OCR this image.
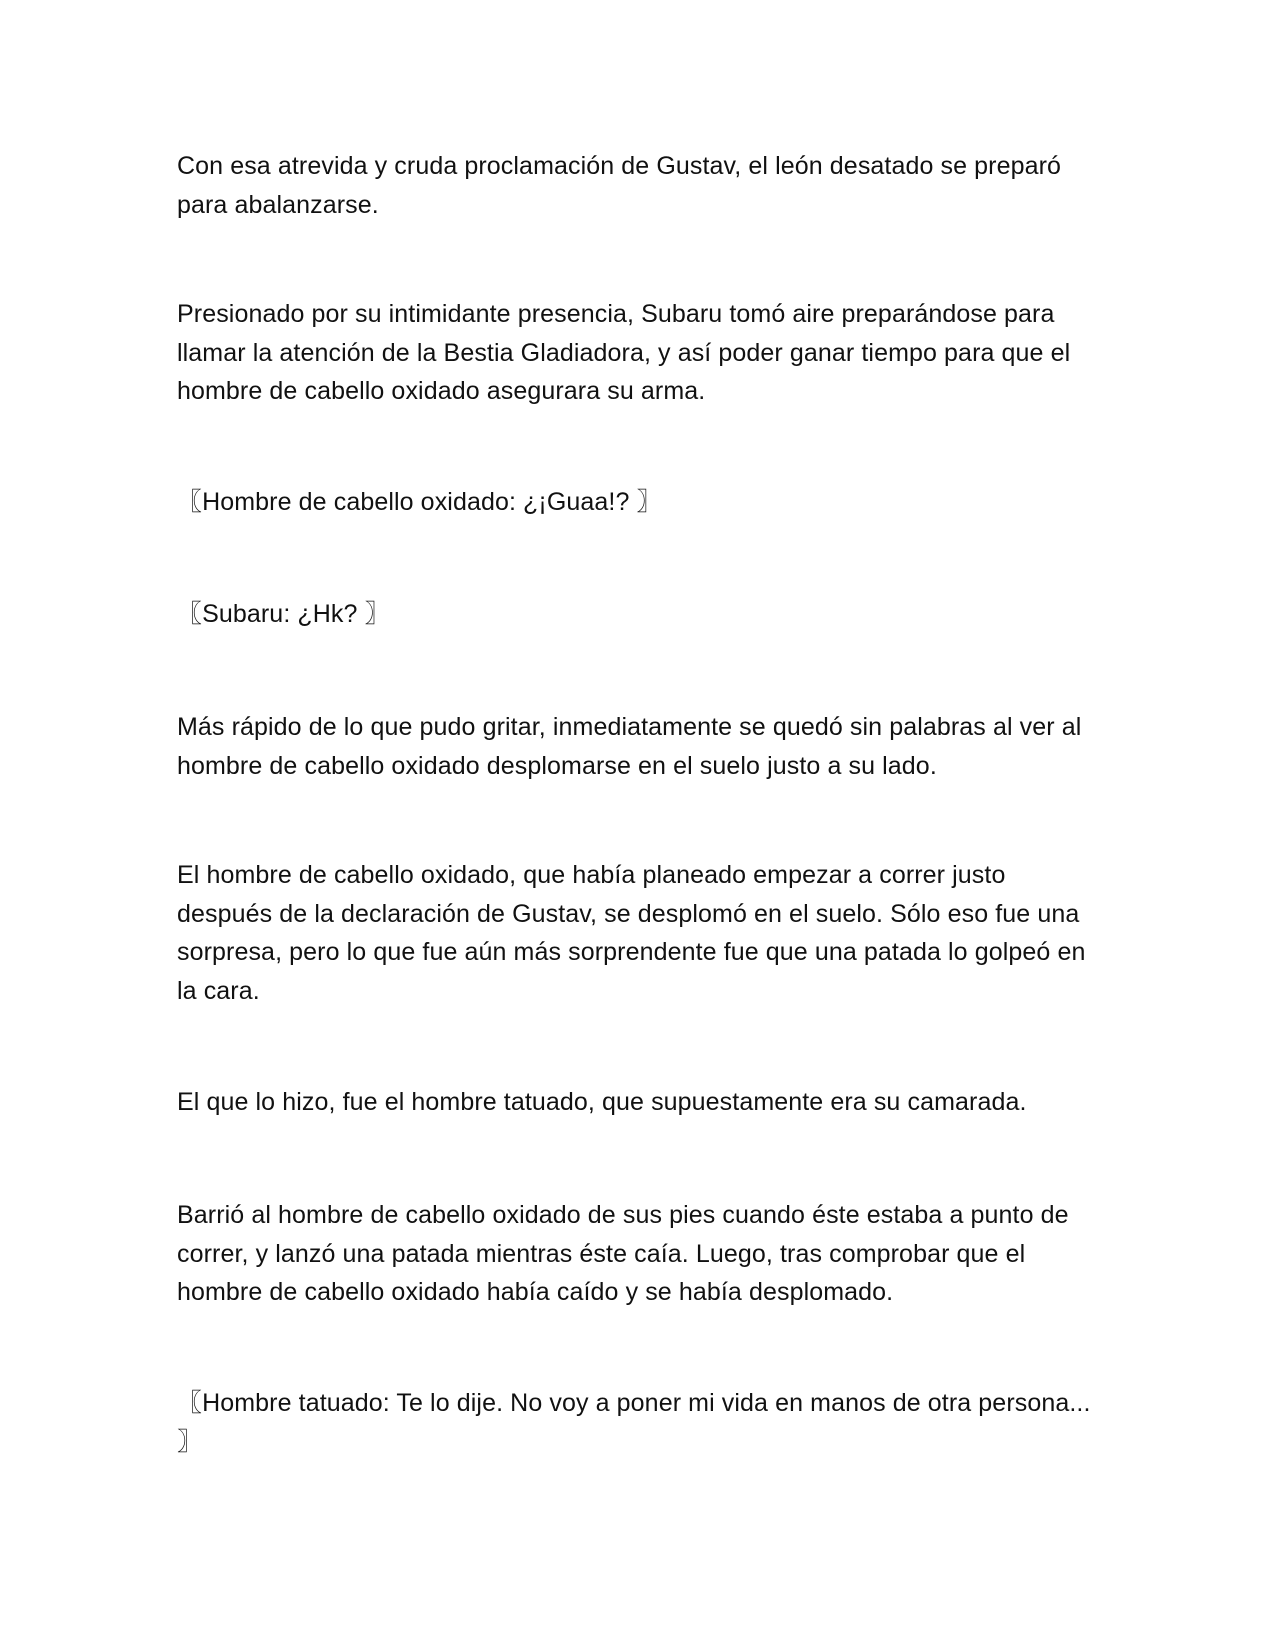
Con esa atrevida y cruda proclamación de Gustav, el león desatado se preparó para abalanzarse.

Presionado por su intimidante presencia, Subaru tomó aire preparándose para llamar la atención de la Bestia Gladiadora, y así poder ganar tiempo para que el hombre de cabello oxidado asegurara su arma.

〖Hombre de cabello oxidado: ¿¡Guaa!? 〗

〖Subaru: ¿Hk? 〗

Más rápido de lo que pudo gritar, inmediatamente se quedó sin palabras al ver al hombre de cabello oxidado desplomarse en el suelo justo a su lado.

El hombre de cabello oxidado, que había planeado empezar a correr justo después de la declaración de Gustav, se desplomó en el suelo. Sólo eso fue una sorpresa, pero lo que fue aún más sorprendente fue que una patada lo golpeó en la cara.

El que lo hizo, fue el hombre tatuado, que supuestamente era su camarada.

Barrió al hombre de cabello oxidado de sus pies cuando éste estaba a punto de correr, y lanzó una patada mientras éste caía. Luego, tras comprobar que el hombre de cabello oxidado había caído y se había desplomado.

〖Hombre tatuado: Te lo dije. No voy a poner mi vida en manos de otra persona... 〗
